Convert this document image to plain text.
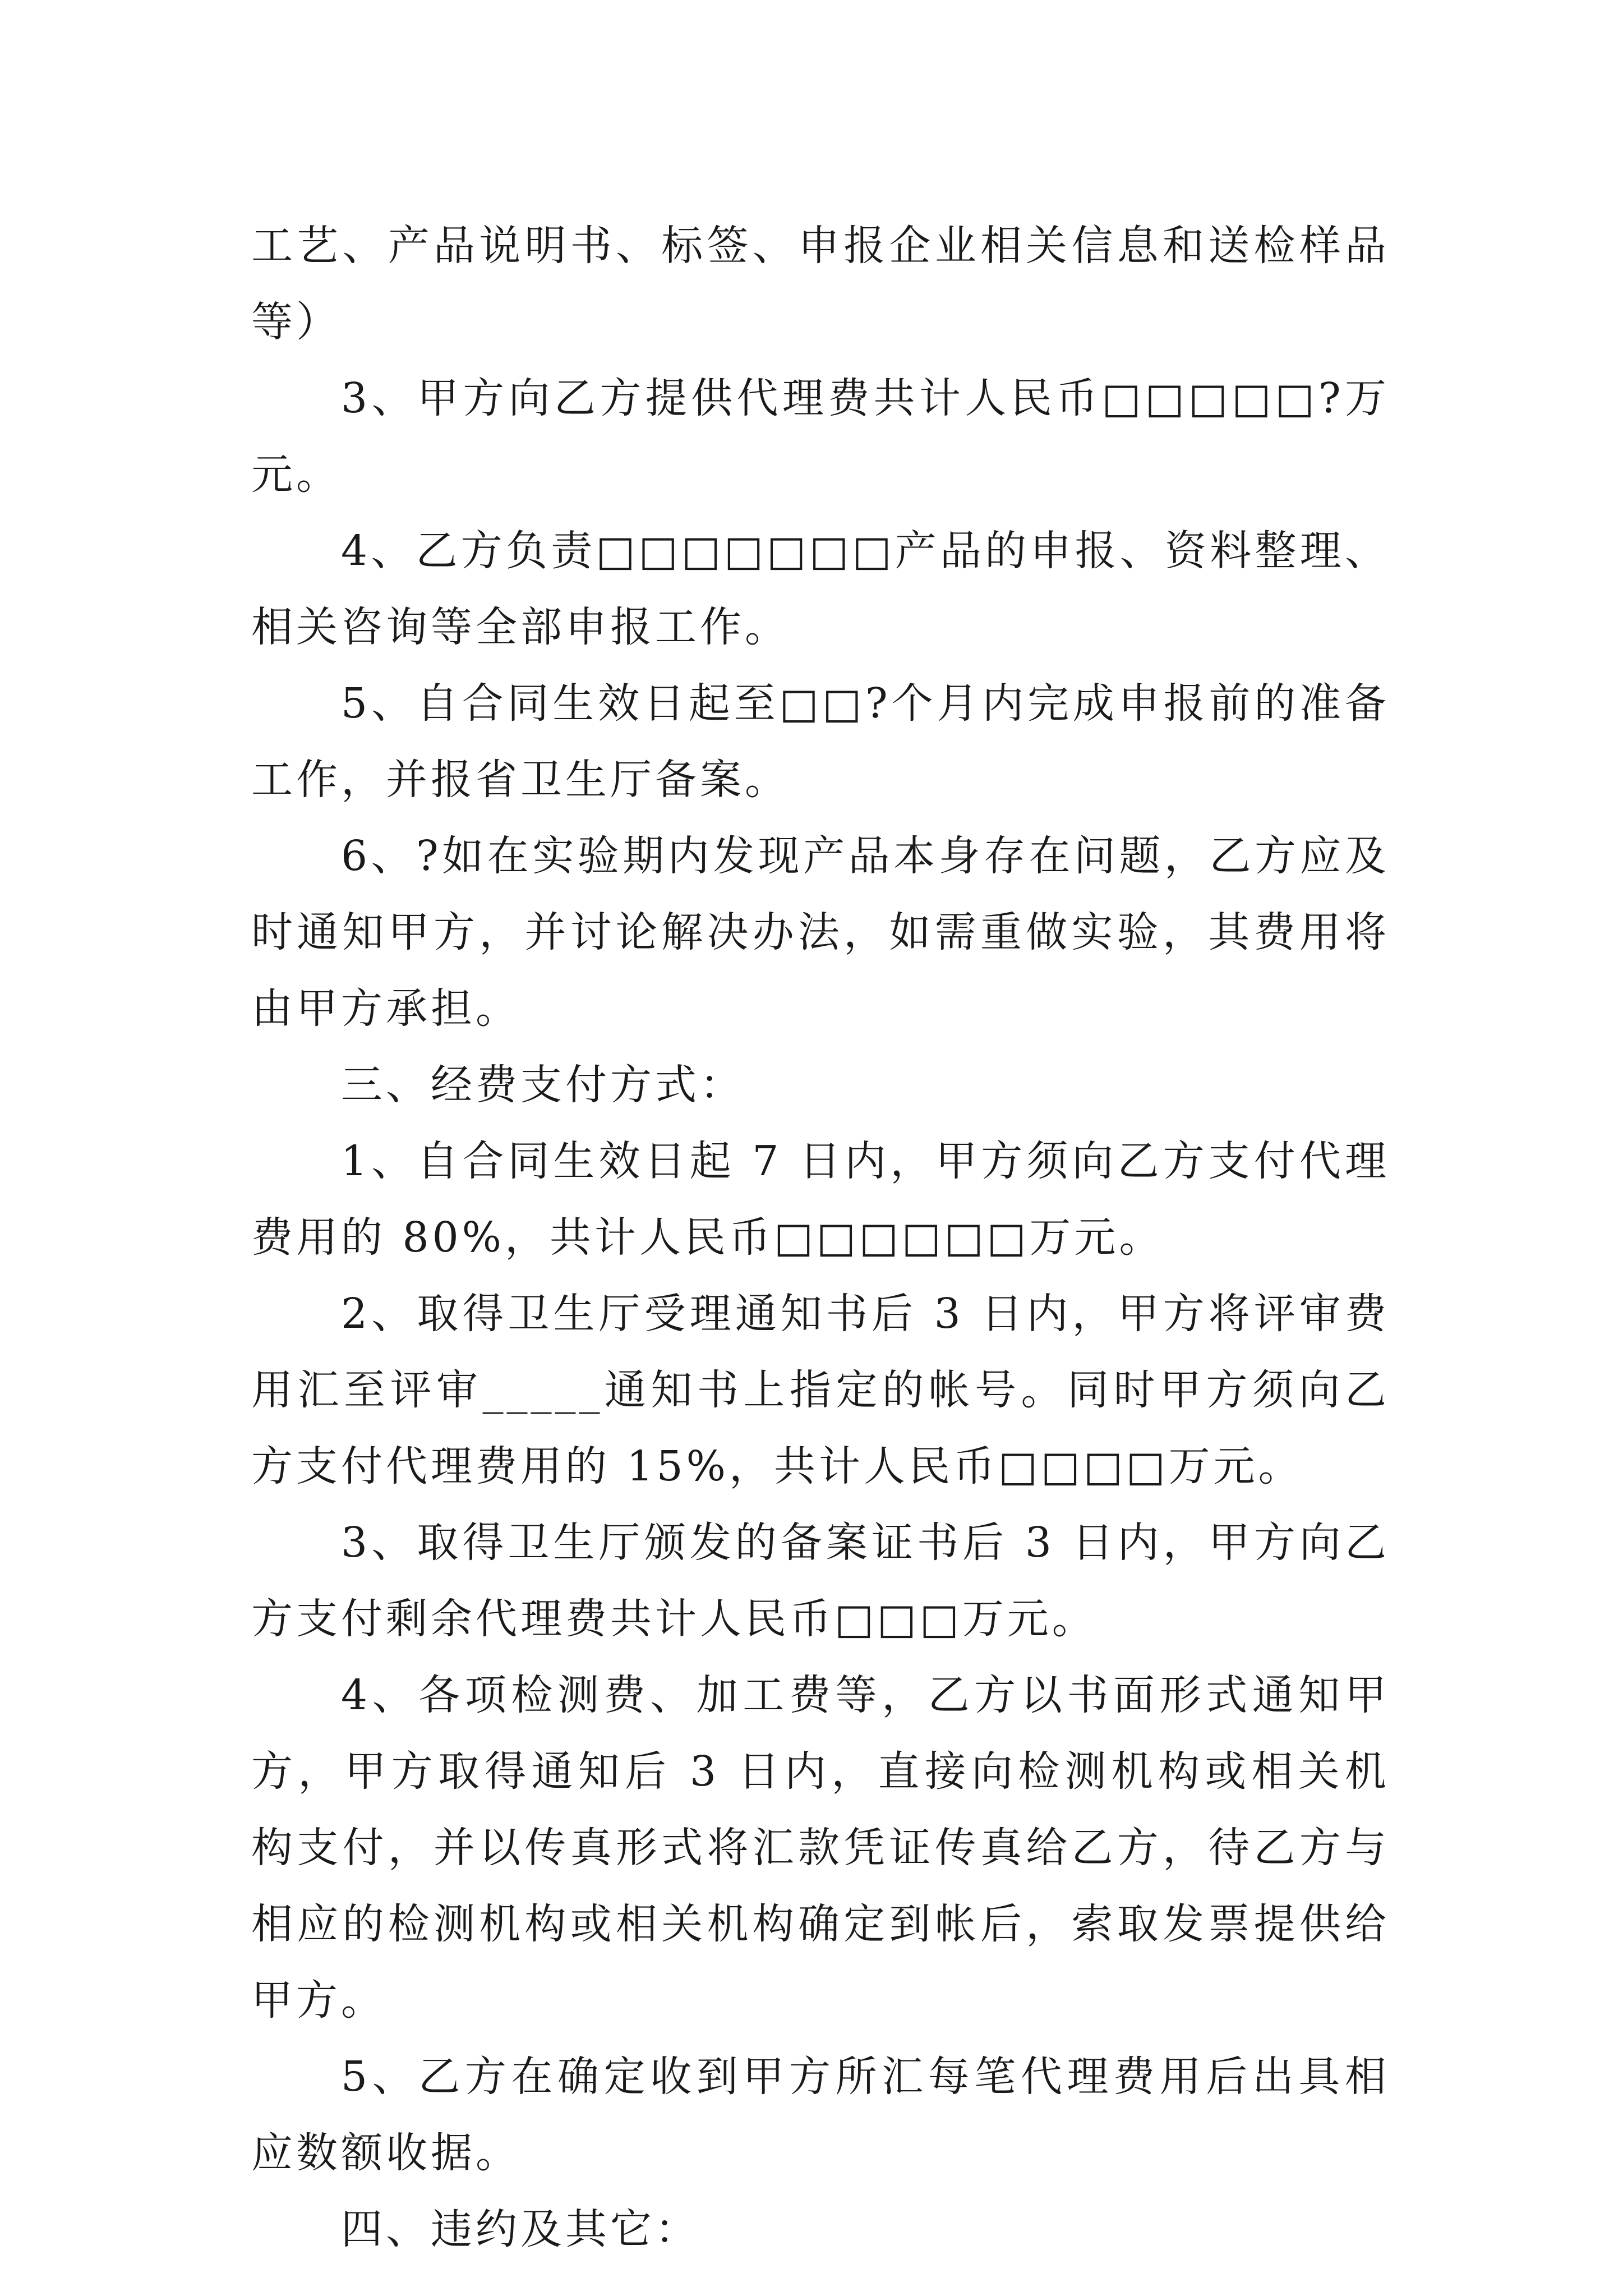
工艺、产品说明书、标签、申报企业相关信息和送检样品等）

3、甲方向乙方提供代理费共计人民币□□□□□?万元。

4、乙方负责□□□□□□□产品的申报、资料整理、相关咨询等全部申报工作。

5、自合同生效日起至□□?个月内完成申报前的准备工作，并报省卫生厅备案。

6、?如在实验期内发现产品本身存在问题，乙方应及时通知甲方，并讨论解决办法，如需重做实验，其费用将由甲方承担。

三、经费支付方式：

1、自合同生效日起 7 日内，甲方须向乙方支付代理费用的 80%，共计人民币□□□□□□万元。

2、取得卫生厅受理通知书后 3 日内，甲方将评审费用汇至评审_____通知书上指定的帐号。同时甲方须向乙方支付代理费用的 15%，共计人民币□□□□万元。

3、取得卫生厅颁发的备案证书后 3 日内，甲方向乙方支付剩余代理费共计人民币□□□万元。

4、各项检测费、加工费等，乙方以书面形式通知甲方，甲方取得通知后 3 日内，直接向检测机构或相关机构支付，并以传真形式将汇款凭证传真给乙方，待乙方与相应的检测机构或相关机构确定到帐后，索取发票提供给甲方。

5、乙方在确定收到甲方所汇每笔代理费用后出具相应数额收据。

四、违约及其它：
